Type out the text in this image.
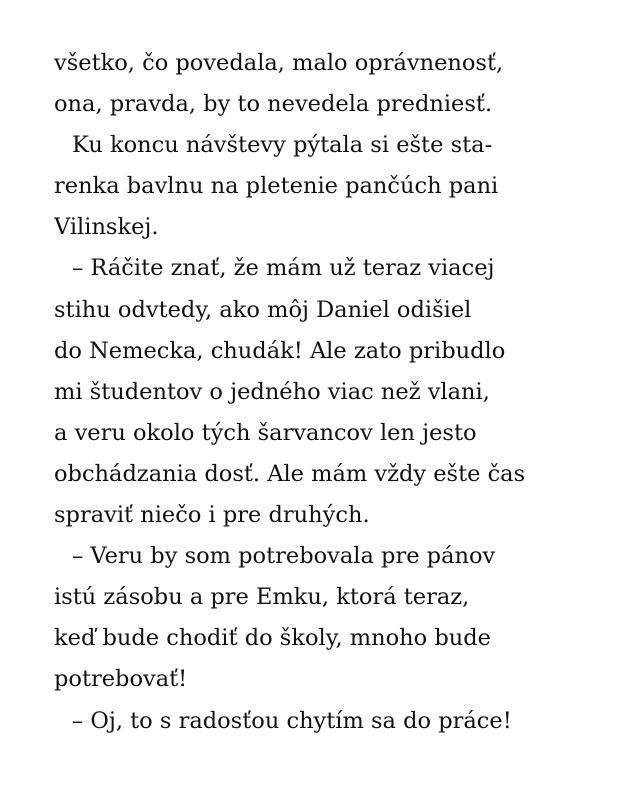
všetko, čo povedala, malo oprávnenosť,
ona, pravda, by to nevedela predniesť.
Ku koncu návštevy pýtala si ešte sta-
renka bavlnu na pletenie pančúch pani
Vilinskej.
– Ráčite znať, že mám už teraz viacej
stihu odvtedy, ako môj Daniel odišiel
do Nemecka, chudák! Ale zato pribudlo
mi študentov o jedného viac než vlani,
a veru okolo tých šarvancov len jesto
obchádzania dosť. Ale mám vždy ešte čas
spraviť niečo i pre druhých.
– Veru by som potrebovala pre pánov
istú zásobu a pre Emku, ktorá teraz,
keď bude chodiť do školy, mnoho bude
potrebovať!
– Oj, to s radosťou chytím sa do práce!
